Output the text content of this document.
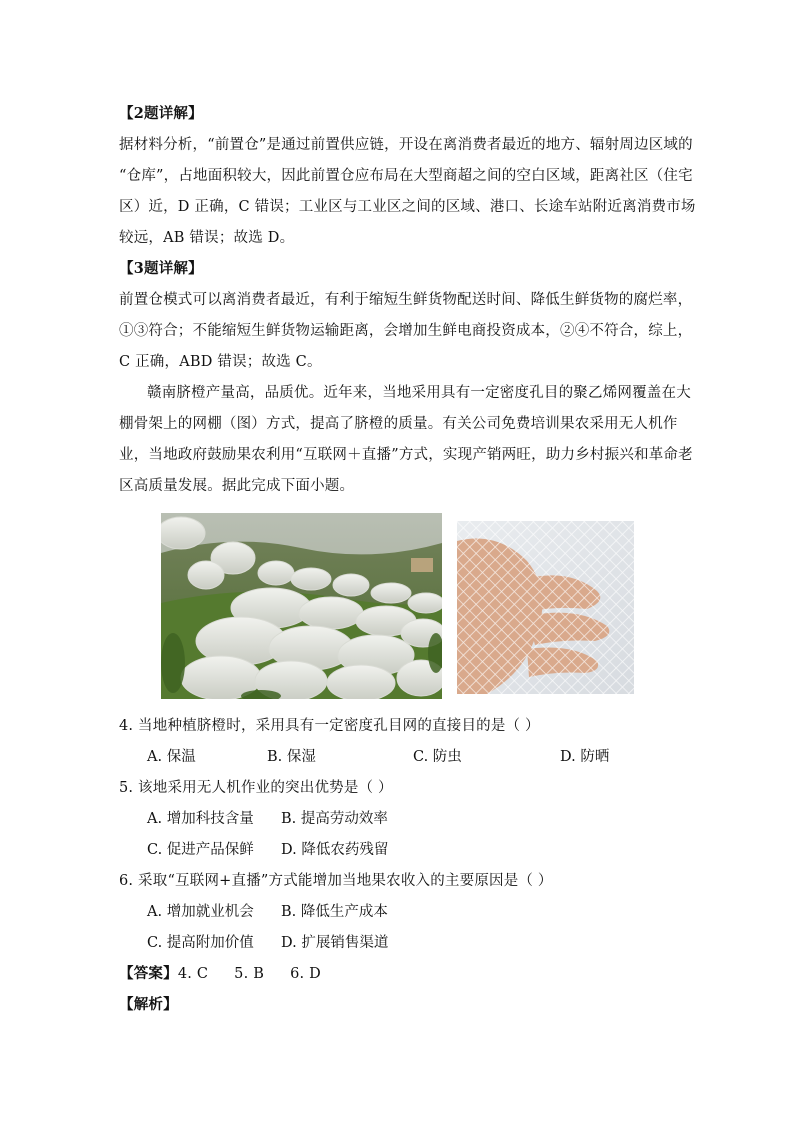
【2题详解】
据材料分析，“前置仓”是通过前置供应链，开设在离消费者最近的地方、辐射周边区域的
“仓库”，占地面积较大，因此前置仓应布局在大型商超之间的空白区域，距离社区（住宅
区）近，D 正确，C 错误；工业区与工业区之间的区域、港口、长途车站附近离消费市场
较远，AB 错误；故选 D。
【3题详解】
前置仓模式可以离消费者最近，有利于缩短生鲜货物配送时间、降低生鲜货物的腐烂率，
①③符合；不能缩短生鲜货物运输距离，会增加生鲜电商投资成本，②④不符合，综上，
C 正确，ABD 错误；故选 C。
赣南脐橙产量高，品质优。近年来，当地采用具有一定密度孔目的聚乙烯网覆盖在大
棚骨架上的网棚（图）方式，提高了脐橙的质量。有关公司免费培训果农采用无人机作
业，当地政府鼓励果农利用“互联网＋直播”方式，实现产销两旺，助力乡村振兴和革命老
区高质量发展。据此完成下面小题。
4. 当地种植脐橙时，采用具有一定密度孔目网的直接目的是（ ）
A. 保温	B. 保湿	C. 防虫	D. 防晒
5. 该地采用无人机作业的突出优势是（ ）
A. 增加科技含量 B. 提高劳动效率
C. 促进产品保鲜 D. 降低农药残留
6. 采取“互联网+直播”方式能增加当地果农收入的主要原因是（ ）
A. 增加就业机会 B. 降低生产成本
C. 提高附加价值 D. 扩展销售渠道
【答案】4. C 5. B 6. D
【解析】
